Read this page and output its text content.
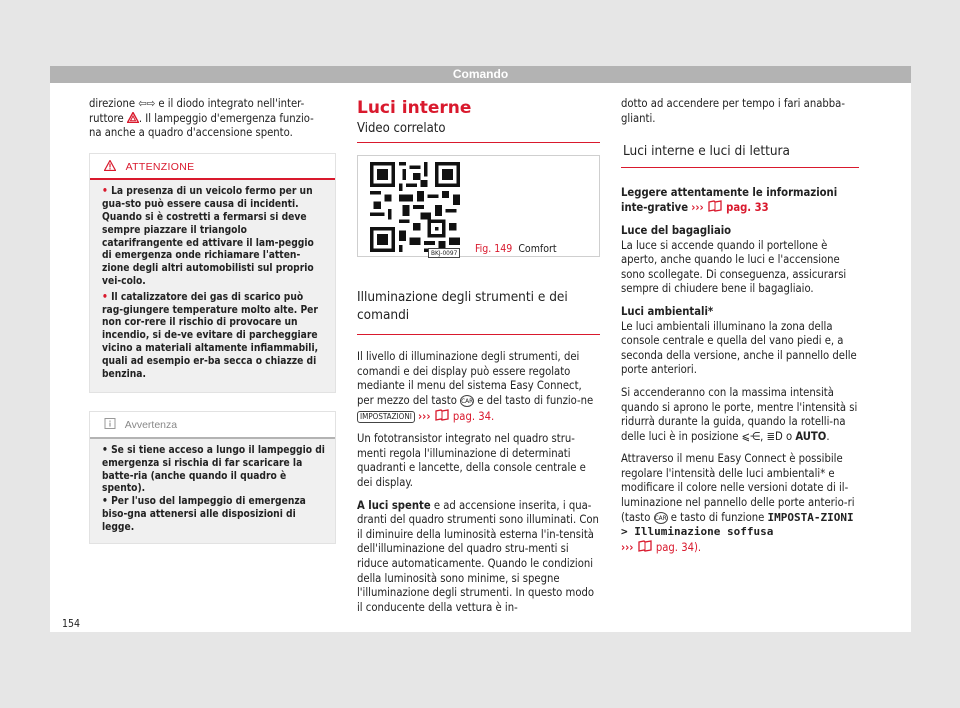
Comando

direzione ⇦⇨ e il diodo integrato nell'inter-
ruttore . Il lampeggio d'emergenza funzio-
na anche a quadro d'accensione spento.

ATTENZIONE
• La presenza di un veicolo fermo per un gua-sto può essere causa di incidenti. Quando si è costretti a fermarsi si deve sempre piazzare il triangolo catarifrangente ed attivare il lam-peggio di emergenza onde richiamare l'atten-zione degli altri automobilisti sul proprio vei-colo.
• Il catalizzatore dei gas di scarico può rag-giungere temperature molto alte. Per non cor-rere il rischio di provocare un incendio, si de-ve evitare di parcheggiare vicino a materiali altamente infiammabili, quali ad esempio er-ba secca o chiazze di benzina.
Avvertenza
• Se si tiene acceso a lungo il lampeggio di emergenza si rischia di far scaricare la batte-ria (anche quando il quadro è spento).
• Per l'uso del lampeggio di emergenza biso-gna attenersi alle disposizioni di legge.
Luci interne
Video correlato
BKJ-0097 Fig. 149 Comfort
Illuminazione degli strumenti e dei comandi

Il livello di illuminazione degli strumenti, dei comandi e dei display può essere regolato mediante il menu del sistema Easy Connect, per mezzo del tasto CAR e del tasto di funzio-ne IMPOSTAZIONI ›››  pag. 34.

Un fototransistor integrato nel quadro stru-menti regola l'illuminazione di determinati quadranti e lancette, della console centrale e dei display.

A luci spente e ad accensione inserita, i qua-dranti del quadro strumenti sono illuminati. Con il diminuire della luminosità esterna l'in-tensità dell'illuminazione del quadro stru-menti si riduce automaticamente. Quando le condizioni della luminosità sono minime, si spegne l'illuminazione degli strumenti. In questo modo il conducente della vettura è in-

dotto ad accendere per tempo i fari anabba-glianti.

Luci interne e luci di lettura

Leggere attentamente le informazioni inte-grative ››› pag. 33

Luce del bagagliaio
La luce si accende quando il portellone è aperto, anche quando le luci e l'accensione sono scollegate. Di conseguenza, assicurarsi sempre di chiudere bene il bagagliaio.

Luci ambientali*
Le luci ambientali illuminano la zona della console centrale e quella del vano piedi e, a seconda della versione, anche il pannello delle porte anteriori.

Si accenderanno con la massima intensità quando si aprono le porte, mentre l'intensità si ridurrà durante la guida, quando la rotelli-na delle luci è in posizione ⩽⋲, ≣D o AUTO.

Attraverso il menu Easy Connect è possibile regolare l'intensità delle luci ambientali* e modificare il colore nelle versioni dotate di il-luminazione nel pannello delle porte anterio-ri (tasto CAR e tasto di funzione IMPOSTA-ZIONI > Illuminazione soffusa
›››  pag. 34).

154
